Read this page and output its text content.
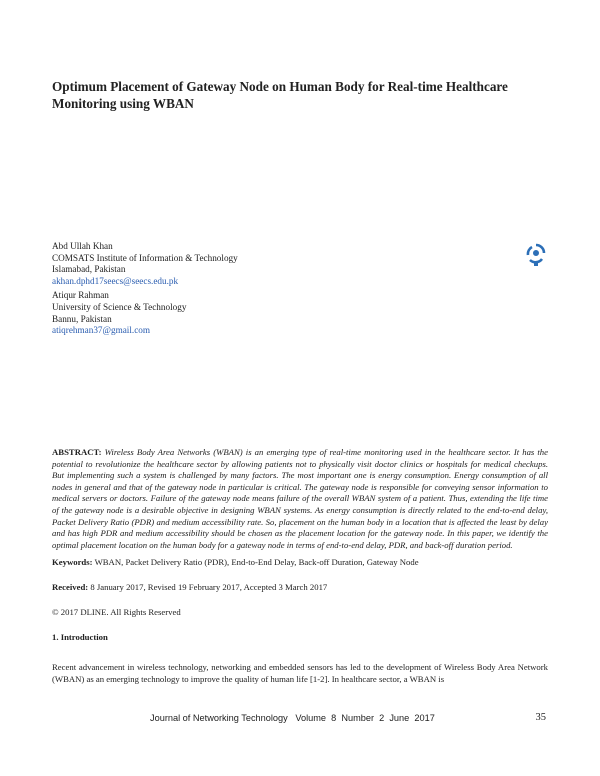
Optimum Placement of Gateway Node on Human Body for Real-time Healthcare Monitoring using WBAN
Abd Ullah Khan
COMSATS Institute of Information & Technology
Islamabad, Pakistan
akhan.dphd17seecs@seecs.edu.pk
Atiqur Rahman
University of Science & Technology
Bannu, Pakistan
atiqrehman37@gmail.com
ABSTRACT: Wireless Body Area Networks (WBAN) is an emerging type of real-time monitoring used in the healthcare sector. It has the potential to revolutionize the healthcare sector by allowing patients not to physically visit doctor clinics or hospitals for medical checkups. But implementing such a system is challenged by many factors. The most important one is energy consumption. Energy consumption of all nodes in general and that of the gateway node in particular is critical. The gateway node is responsible for conveying sensor information to medical servers or doctors. Failure of the gateway node means failure of the overall WBAN system of a patient. Thus, extending the life time of the gateway node is a desirable objective in designing WBAN systems. As energy consumption is directly related to the end-to-end delay, Packet Delivery Ratio (PDR) and medium accessibility rate. So, placement on the human body in a location that is affected the least by delay and has high PDR and medium accessibility should be chosen as the placement location for the gateway node. In this paper, we identify the optimal placement location on the human body for a gateway node in terms of end-to-end delay, PDR, and back-off duration period.
Keywords: WBAN, Packet Delivery Ratio (PDR), End-to-End Delay, Back-off Duration, Gateway Node
Received: 8 January 2017, Revised 19 February 2017, Accepted 3 March 2017
© 2017 DLINE. All Rights Reserved
1. Introduction
Recent advancement in wireless technology, networking and embedded sensors has led to the development of Wireless Body Area Network (WBAN) as an emerging technology to improve the quality of human life [1-2]. In healthcare sector, a WBAN is
Journal of Networking Technology   Volume  8  Number  2  June  2017	35
